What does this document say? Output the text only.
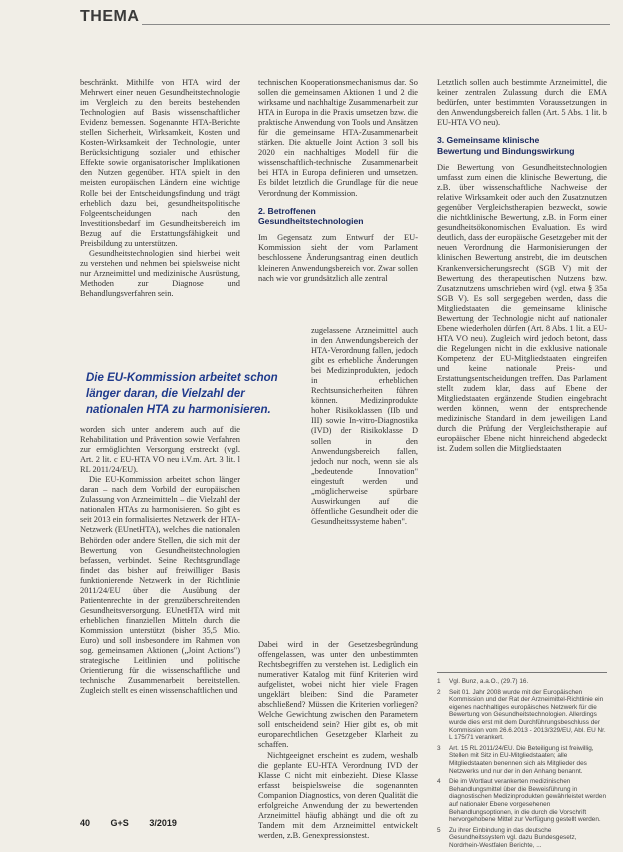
THEMA

beschränkt. Mithilfe von HTA wird der Mehrwert einer neuen Gesundheitstechnologie im Vergleich zu den bereits bestehenden Technologien auf Basis wissenschaftlicher Evidenz bemessen. Sogenannte HTA-Berichte stellen Sicherheit, Wirksamkeit, Kosten und Kosten-Wirksamkeit der Technologie, unter Berücksichtigung sozialer und ethischer Effekte sowie organisatorischer Implikationen den Nutzen gegenüber. HTA spielt in den meisten europäischen Ländern eine wichtige Rolle bei der Entscheidungsfindung und trägt erheblich dazu bei, gesundheitspolitische Folgeentscheidungen nach den Investitionsbedarf im Gesundheitsbereich im Bezug auf die Erstattungsfähigkeit und Preisbildung zu unterstützen.

Gesundheitstechnologien sind hierbei weit zu verstehen und nehmen bei spielsweise nicht nur Arzneimittel und medizinische Ausrüstung, Methoden zur Diagnose und Behandlungsverfahren sein.

Die EU-Kommission arbeitet schon länger daran, die Vielzahl der nationalen HTA zu harmonisieren.

worden sich unter anderem auch auf die Rehabilitation und Prävention sowie Verfahren zur ermöglichten Versorgung erstreckt (vgl. Art. 2 lit. c EU-HTA VO neu i.V.m. Art. 3 lit. l RL 2011/24/EU).

Die EU-Kommission arbeitet schon länger daran – nach dem Vorbild der europäischen Zulassung von Arzneimitteln – die Vielzahl der nationalen HTAs zu harmonisieren. So gibt es seit 2013 ein formalisiertes Netzwerk der HTA-Netzwerk (EUnetHTA), welches die nationalen Behörden oder andere Stellen, die sich mit der Bewertung von Gesundheitstechnologien befassen, verbindet. Seine Rechtsgrundlage findet das bisher auf freiwilliger Basis funktionierende Netzwerk in der Richtlinie 2011/24/EU über die Ausübung der Patientenrechte in der grenzüberschreitenden Gesundheitsversorgung. EUnetHTA wird mit erheblichen finanziellen Mitteln durch die Kommission unterstützt (bisher 35,5 Mio. Euro) und soll insbesondere im Rahmen von sog. gemeinsamen Aktionen („Joint Actions") strategische Leitlinien und politische Orientierung für die wissenschaftliche und technische Zusammenarbeit bereitstellen. Zugleich stellt es einen wissenschaftlichen und

technischen Kooperationsmechanismus dar. So sollen die gemeinsamen Aktionen 1 und 2 die wirksame und nachhaltige Zusammenarbeit zur HTA in Europa in die Praxis umsetzen bzw. die praktische Anwendung von Tools und Ansätzen für die gemeinsame HTA-Zusammenarbeit stärken. Die aktuelle Joint Action 3 soll bis 2020 ein nachhaltiges Modell für die wissenschaftlich-technische Zusammenarbeit bei HTA in Europa definieren und umsetzen. Es bildet letztlich die Grundlage für die neue Verordnung der Kommission.

2. Betroffenen
Gesundheitstechnologien

Im Gegensatz zum Entwurf der EU-Kommission sieht der vom Parlament beschlossene Änderungsantrag einen deutlich kleineren Anwendungsbereich vor. Zwar sollen nach wie vor grundsätzlich alle zentral

zugelassene Arzneimittel auch in den Anwendungsbereich der HTA-Verordnung fallen, jedoch gibt es erhebliche Änderungen bei Medizinprodukten, jedoch in erheblichen Rechtsunsicherheiten führen können. Medizinprodukte hoher Risikoklassen (IIb und III) sowie In-vitro-Diagnostika (IVD) der Risikoklasse D sollen in den Anwendungsbereich fallen, jedoch nur noch, wenn sie als „bedeutende Innovation" eingestuft werden und „möglicherweise spürbare Auswirkungen auf die öffentliche Gesundheit oder die Gesundheitssysteme haben".

Dabei wird in der Gesetzesbegründung offengelassen, was unter den unbestimmten Rechtsbegriffen zu verstehen ist. Lediglich ein numerativer Katalog mit fünf Kriterien wird aufgelistet, wobei nicht hier viele Fragen ungeklärt bleiben: Sind die Parameter abschließend? Müssen die Kriterien vorliegen? Welche Gewichtung zwischen den Parametern soll entscheidend sein? Hier gibt es, ob mit europarechtlichen Gesetzgeber Klarheit zu schaffen.

Nichtgeeignet erscheint es zudem, weshalb die geplante EU-HTA Verordnung IVD der Klasse C nicht mit einbezieht. Diese Klasse erfasst beispielsweise die sogenannten Companion Diagnostics, von deren Qualität die erfolgreiche Anwendung der zu bewertenden Arzneimittel häufig abhängt und die oft zu Tandem mit dem Arzneimittel entwickelt werden, z.B. Genexpressionstest.

Letztlich sollen auch bestimmte Arzneimittel, die keiner zentralen Zulassung durch die EMA bedürfen, unter bestimmten Voraussetzungen in den Anwendungsbereich fallen (Art. 5 Abs. 1 lit. b EU-HTA VO neu).

3. Gemeinsame klinische
Bewertung und Bindungswirkung

Die Bewertung von Gesundheitstechnologien umfasst zum einen die klinische Bewertung, die z.B. über wissenschaftliche Nachweise der relative Wirksamkeit oder auch den Zusatznutzen gegenüber Vergleichstherapien bezweckt, sowie die nichtklinische Bewertung, z.B. in Form einer gesundheitsökonomischen Evaluation. Es wird deutlich, dass der europäische Gesetzgeber mit der neuen Verordnung die Harmonisierungen der klinischen Bewertung anstrebt, die im deutschen Krankenversicherungsrecht (SGB V) mit der Bewertung des therapeutischen Nutzens bzw. Zusatznutzens umschrieben wird (vgl. etwa § 35a SGB V). Es soll sergegeben werden, dass die Mitgliedstaaten die gemeinsame klinische Bewertung der Technologie nicht auf nationaler Ebene wiederholen dürfen (Art. 8 Abs. 1 lit. a EU-HTA VO neu). Zugleich wird jedoch betont, dass die Regelungen nicht in die exklusive nationale Kompetenz der EU-Mitgliedstaaten eingreifen und keine nationale Preis- und Erstattungsentscheidungen treffen. Das Parlament stellt zudem klar, dass auf Ebene der Mitgliedstaaten ergänzende Studien eingebracht werden können, wenn der entsprechende medizinische Standard in dem jeweiligen Land durch die Prüfung der Vergleichstherapie auf europäischer Ebene nicht hinreichend abgedeckt ist. Zudem sollen die Mitgliedstaaten

1	Vgl. Bunz, a.a.O., (29.7) 16.
2	Seit 01. Jahr 2008 wurde mit der Europäischen Kommission und der Rat der Arzneimittel-Richtlinie ein eigenes nachhaltiges europäisches Netzwerk für die Bewertung von Gesundheitstechnologien. Allerdings wurde dies erst mit dem Durchführungsbeschluss der Kommission vom 26.6.2013 - 2013/329/EU, Abl. EU Nr. L 175/71 verankert.
3	Art. 15 RL 2011/24/EU. Die Beteiligung ist freiwillig, Stellen mit Sitz in EU-Mitgliedstaaten; alle Mitgliedstaaten benennen sich als Mitglieder des Netzwerks und nur der in den Anhang benannt.
4	Die im Wortlaut verankerten medizinischen Behandlungsmittel über die Beweisführung in diagnostischen Medizinprodukten gewährleistet werden auf nationaler Ebene vorgesehenen Behandlungsoptionen, in die durch die Vorschrift hervorgehobene Mittel zur Verfügung gestellt werden.
5	Zu ihrer Einbindung in das deutsche Gesundheitssystem vgl. dazu Bundesgesetz, Nordrhein-Westfalen Berichte, ...
40 G+S 3/2019
